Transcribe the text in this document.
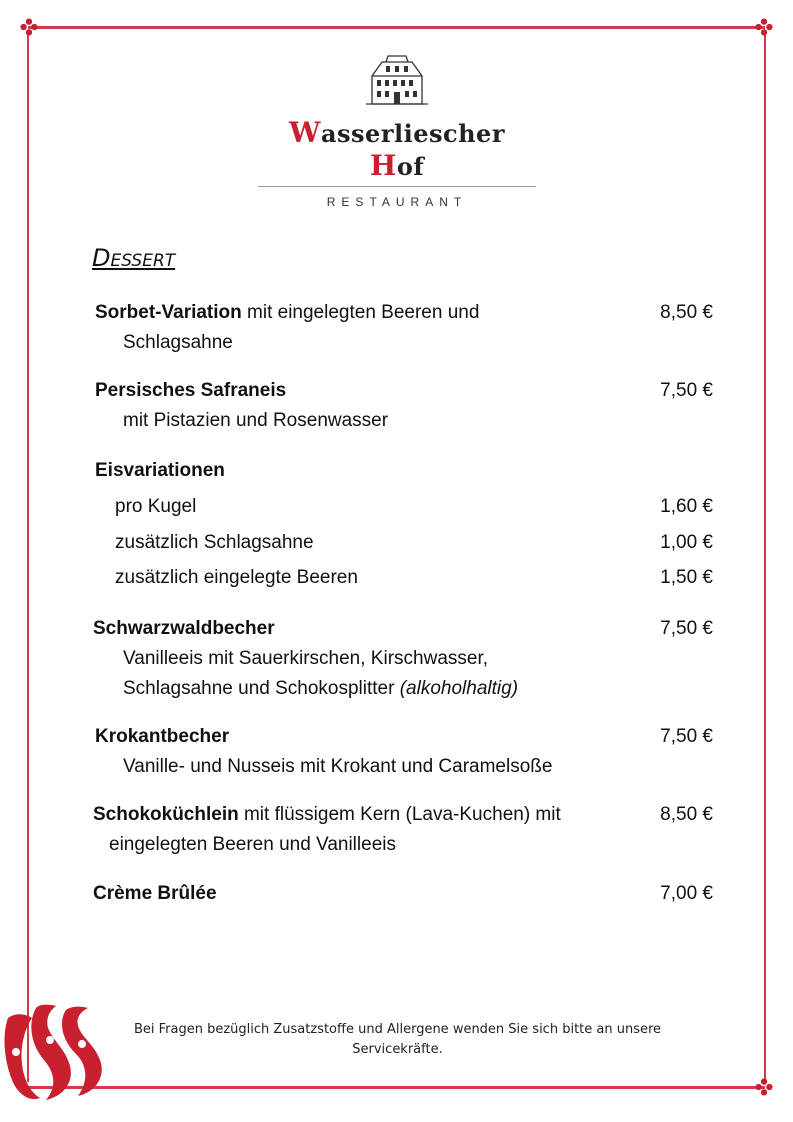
Wasserliescher Hof
RESTAURANT
Dessert
Sorbet-Variation mit eingelegten Beeren und	8,50 €
Schlagsahne
Persisches Safraneis	7,50 €
mit Pistazien und Rosenwasser
Eisvariationen
pro Kugel	1,60 €
zusätzlich Schlagsahne	1,00 €
zusätzlich eingelegte Beeren	1,50 €
Schwarzwaldbecher	7,50 €
Vanilleeis mit Sauerkirschen, Kirschwasser,
Schlagsahne und Schokosplitter (alkoholhaltig)
Krokantbecher	7,50 €
Vanille- und Nusseis mit Krokant und Caramelsoße
Schokoküchlein mit flüssigem Kern (Lava-Kuchen) mit	8,50 €
eingelegten Beeren und Vanilleeis
Crème Brûlée	7,00 €
Bei Fragen bezüglich Zusatzstoffe und Allergene wenden Sie sich bitte an unsere Servicekräfte.
